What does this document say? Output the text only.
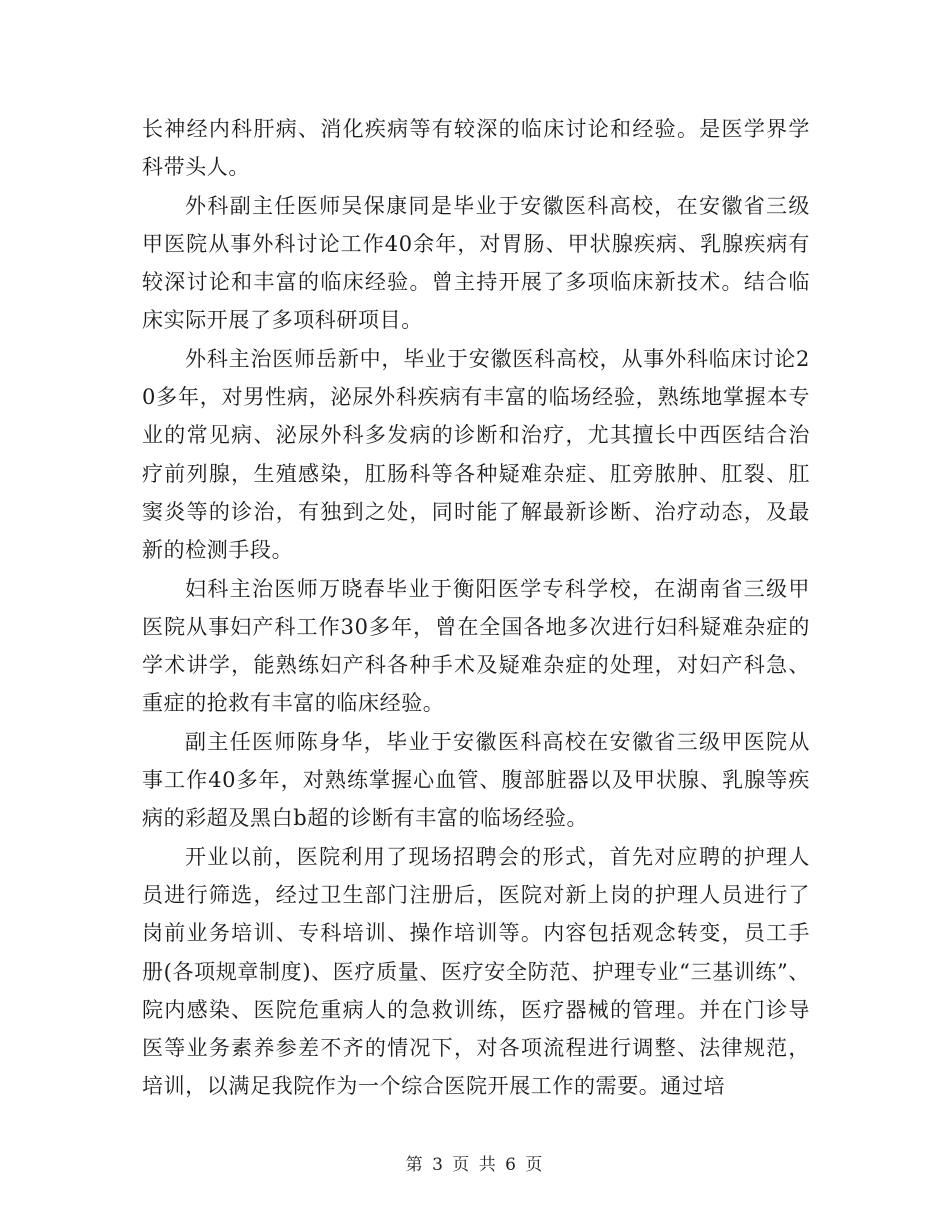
长神经内科肝病、消化疾病等有较深的临床讨论和经验。是医学界学科带头人。

外科副主任医师吴保康同是毕业于安徽医科高校，在安徽省三级甲医院从事外科讨论工作40余年，对胃肠、甲状腺疾病、乳腺疾病有较深讨论和丰富的临床经验。曾主持开展了多项临床新技术。结合临床实际开展了多项科研项目。

外科主治医师岳新中，毕业于安徽医科高校，从事外科临床讨论20多年，对男性病，泌尿外科疾病有丰富的临场经验，熟练地掌握本专业的常见病、泌尿外科多发病的诊断和治疗，尤其擅长中西医结合治疗前列腺，生殖感染，肛肠科等各种疑难杂症、肛旁脓肿、肛裂、肛窦炎等的诊治，有独到之处，同时能了解最新诊断、治疗动态，及最新的检测手段。

妇科主治医师万晓春毕业于衡阳医学专科学校，在湖南省三级甲医院从事妇产科工作30多年，曾在全国各地多次进行妇科疑难杂症的学术讲学，能熟练妇产科各种手术及疑难杂症的处理，对妇产科急、重症的抢救有丰富的临床经验。

副主任医师陈身华，毕业于安徽医科高校在安徽省三级甲医院从事工作40多年，对熟练掌握心血管、腹部脏器以及甲状腺、乳腺等疾病的彩超及黑白b超的诊断有丰富的临场经验。

开业以前，医院利用了现场招聘会的形式，首先对应聘的护理人员进行筛选，经过卫生部门注册后，医院对新上岗的护理人员进行了岗前业务培训、专科培训、操作培训等。内容包括观念转变，员工手册(各项规章制度)、医疗质量、医疗安全防范、护理专业“三基训练”、院内感染、医院危重病人的急救训练，医疗器械的管理。并在门诊导医等业务素养参差不齐的情况下，对各项流程进行调整、法律规范，培训，以满足我院作为一个综合医院开展工作的需要。通过培

第 3 页 共 6 页
